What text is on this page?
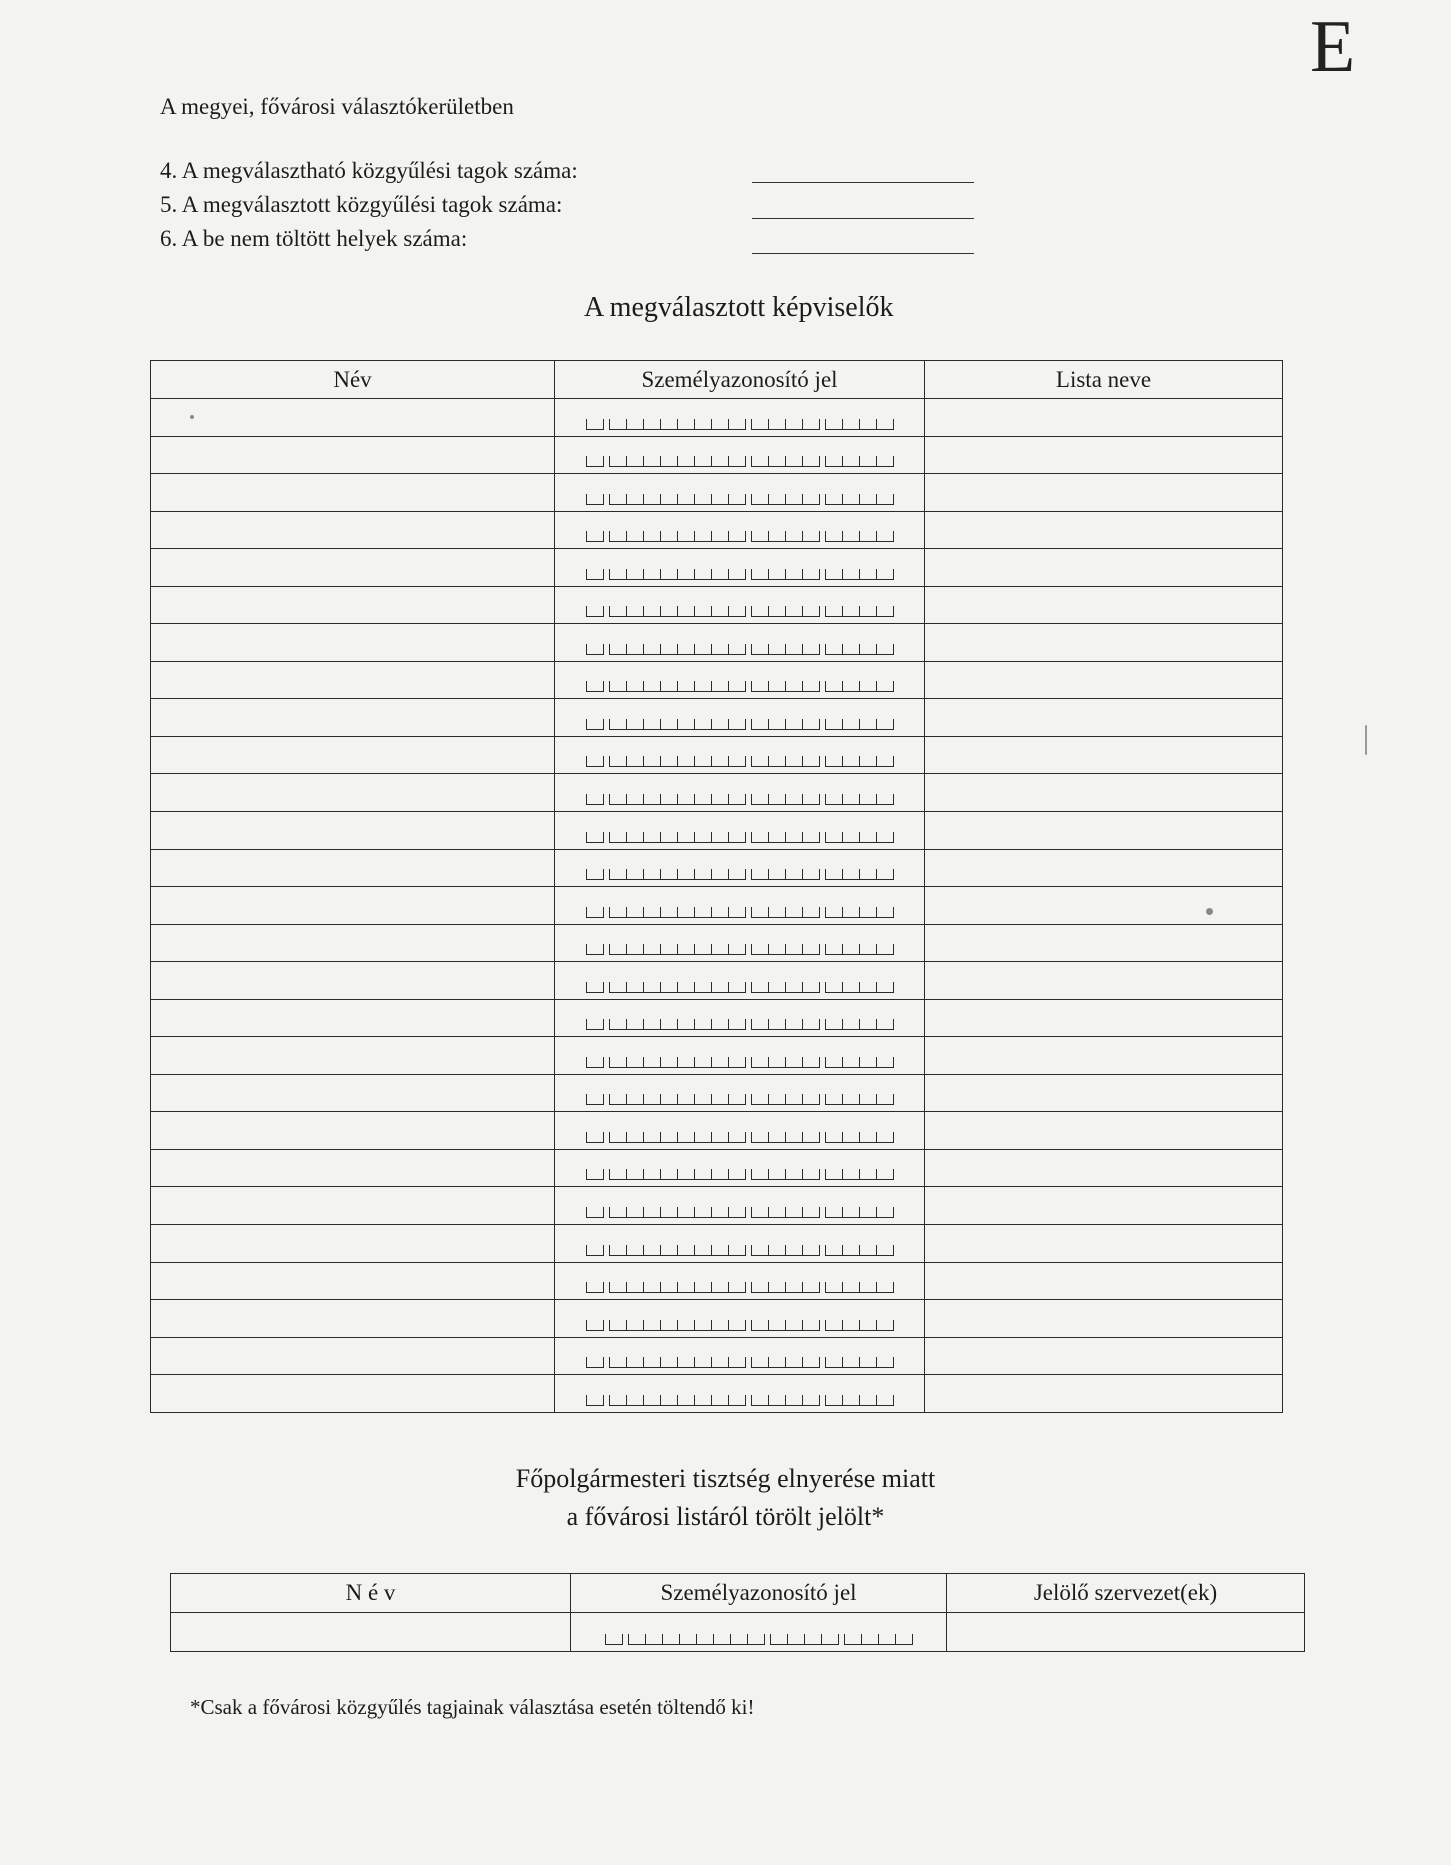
E
A megyei, fővárosi választókerületben
4. A megválasztható közgyűlési tagok száma:
5. A megválasztott közgyűlési tagok száma:
6. A be nem töltött helyek száma:
A megválasztott képviselők
Név	Személyazonosító jel	Lista neve

Főpolgármesteri tisztség elnyerése miatt
a fővárosi listáról törölt jelölt*
N é v	Személyazonosító jel	Jelölő szervezet(ek)

*Csak a fővárosi közgyűlés tagjainak választása esetén töltendő ki!
